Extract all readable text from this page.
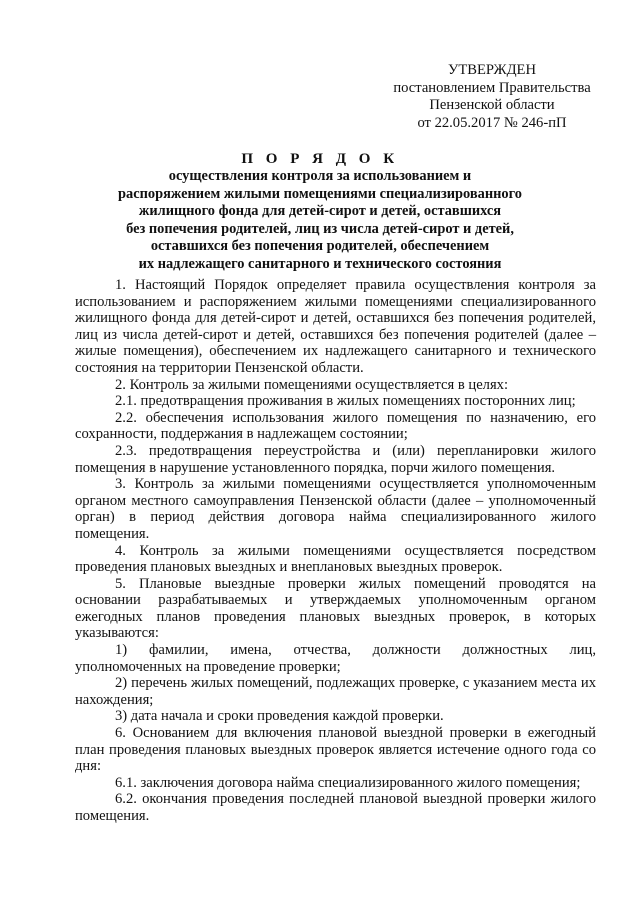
УТВЕРЖДЕН
постановлением Правительства
Пензенской области
от 22.05.2017 № 246-пП
П О Р Я Д О К
осуществления контроля за использованием и
распоряжением жилыми помещениями специализированного
жилищного фонда для детей-сирот и детей, оставшихся
без попечения родителей, лиц из числа детей-сирот и детей,
оставшихся без попечения родителей, обеспечением
их надлежащего санитарного и технического состояния

1. Настоящий Порядок определяет правила осуществления контроля за использованием и распоряжением жилыми помещениями специализированного жилищного фонда для детей-сирот и детей, оставшихся без попечения родителей, лиц из числа детей-сирот и детей, оставшихся без попечения родителей (далее – жилые помещения), обеспечением их надлежащего санитарного и технического состояния на территории Пензенской области.

2. Контроль за жилыми помещениями осуществляется в целях:

2.1. предотвращения проживания в жилых помещениях посторонних лиц;

2.2. обеспечения использования жилого помещения по назначению, его сохранности, поддержания в надлежащем состоянии;

2.3. предотвращения переустройства и (или) перепланировки жилого помещения в нарушение установленного порядка, порчи жилого помещения.

3. Контроль за жилыми помещениями осуществляется уполномоченным органом местного самоуправления Пензенской области (далее – уполномоченный орган) в период действия договора найма специализированного жилого помещения.

4. Контроль за жилыми помещениями осуществляется посредством проведения плановых выездных и внеплановых выездных проверок.

5. Плановые выездные проверки жилых помещений проводятся на основании разрабатываемых и утверждаемых уполномоченным органом ежегодных планов проведения плановых выездных проверок, в которых указываются:

1) фамилии, имена, отчества, должности должностных лиц, уполномоченных на проведение проверки;

2) перечень жилых помещений, подлежащих проверке, с указанием места их нахождения;

3) дата начала и сроки проведения каждой проверки.

6. Основанием для включения плановой выездной проверки в ежегодный план проведения плановых выездных проверок является истечение одного года со дня:

6.1. заключения договора найма специализированного жилого помещения;

6.2. окончания проведения последней плановой выездной проверки жилого помещения.
